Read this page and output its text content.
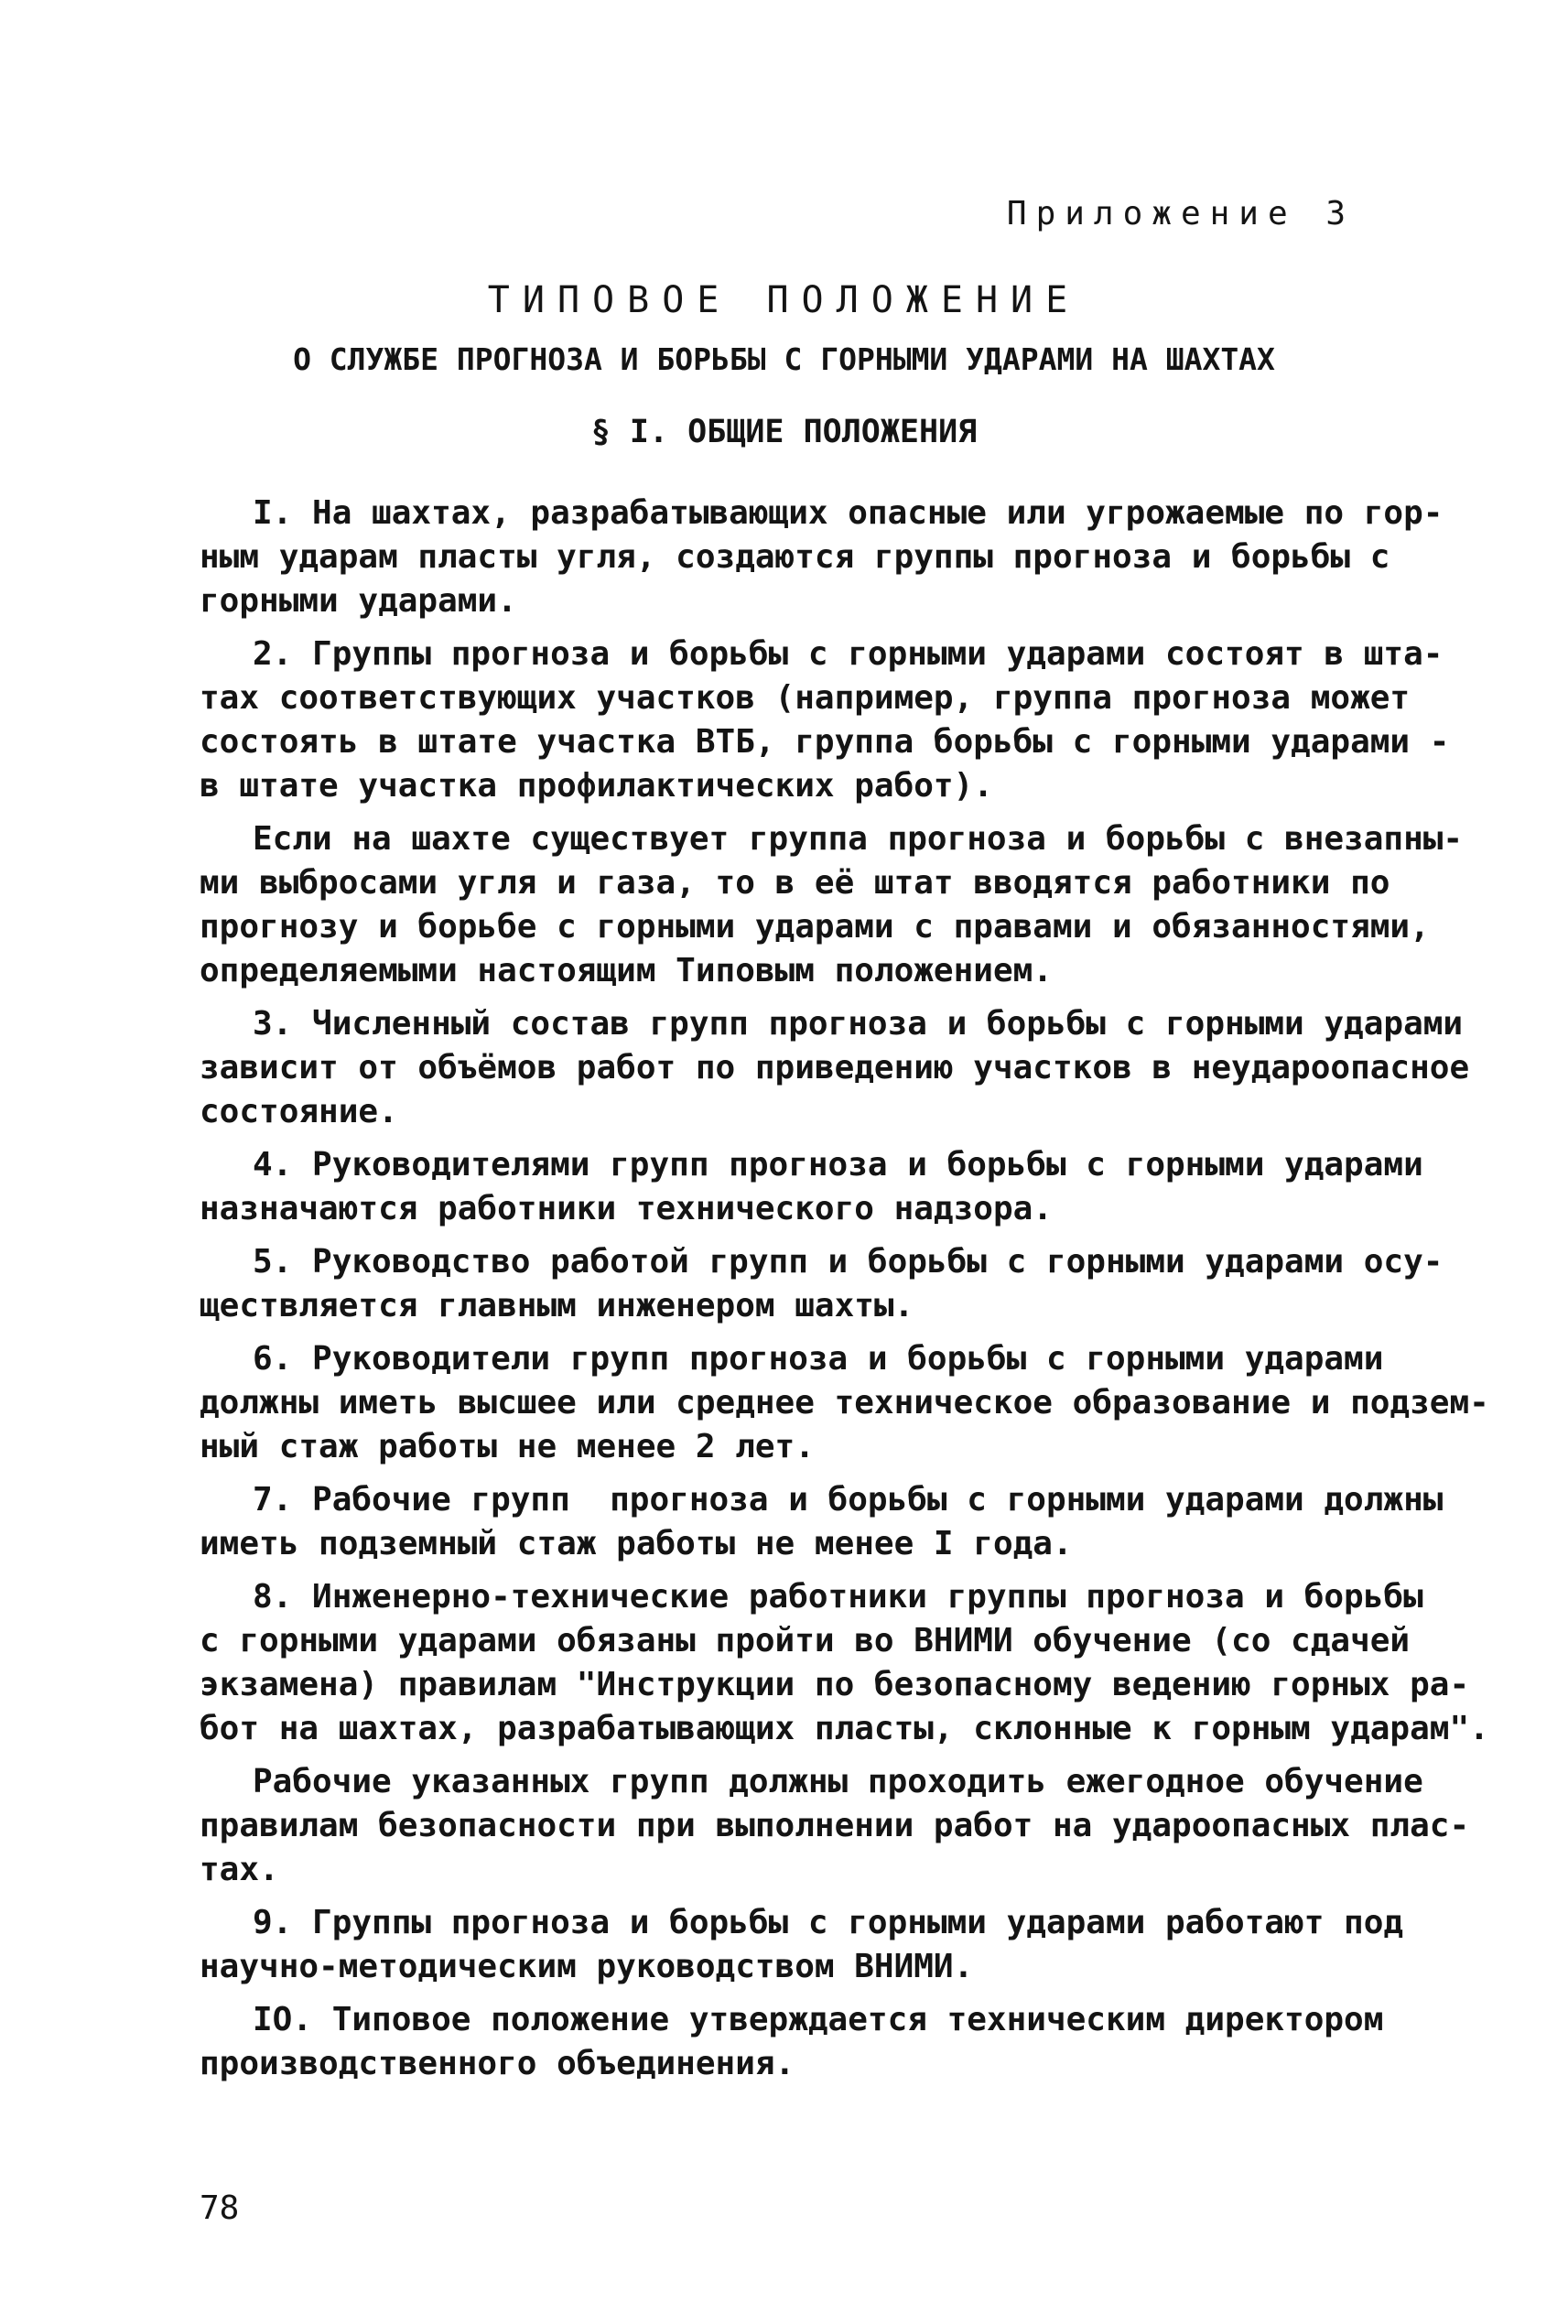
Приложение 3
ТИПОВОЕ ПОЛОЖЕНИЕ
О СЛУЖБЕ ПРОГНОЗА И БОРЬБЫ С ГОРНЫМИ УДАРАМИ НА ШАХТАХ
§ I. ОБЩИЕ ПОЛОЖЕНИЯ
I. На шахтах, разрабатывающих опасные или угрожаемые по гор-
ным ударам пласты угля, создаются группы прогноза и борьбы с
горными ударами.
2. Группы прогноза и борьбы с горными ударами состоят в шта-
тах соответствующих участков (например, группа прогноза может
состоять в штате участка ВТБ, группа борьбы с горными ударами -
в штате участка профилактических работ).
Если на шахте существует группа прогноза и борьбы с внезапны-
ми выбросами угля и газа, то в её штат вводятся работники по
прогнозу и борьбе с горными ударами с правами и обязанностями,
определяемыми настоящим Типовым положением.
3. Численный состав групп прогноза и борьбы с горными ударами
зависит от объёмов работ по приведению участков в неудароопасное
состояние.
4. Руководителями групп прогноза и борьбы с горными ударами
назначаются работники технического надзора.
5. Руководство работой групп и борьбы с горными ударами осу-
ществляется главным инженером шахты.
6. Руководители групп прогноза и борьбы с горными ударами
должны иметь высшее или среднее техническое образование и подзем-
ный стаж работы не менее 2 лет.
7. Рабочие групп  прогноза и борьбы с горными ударами должны
иметь подземный стаж работы не менее I года.
8. Инженерно-технические работники группы прогноза и борьбы
с горными ударами обязаны пройти во ВНИМИ обучение (со сдачей
экзамена) правилам "Инструкции по безопасному ведению горных ра-
бот на шахтах, разрабатывающих пласты, склонные к горным ударам".
Рабочие указанных групп должны проходить ежегодное обучение
правилам безопасности при выполнении работ на удароопасных плас-
тах.
9. Группы прогноза и борьбы с горными ударами работают под
научно-методическим руководством ВНИМИ.
IO. Типовое положение утверждается техническим директором
производственного объединения.
78
